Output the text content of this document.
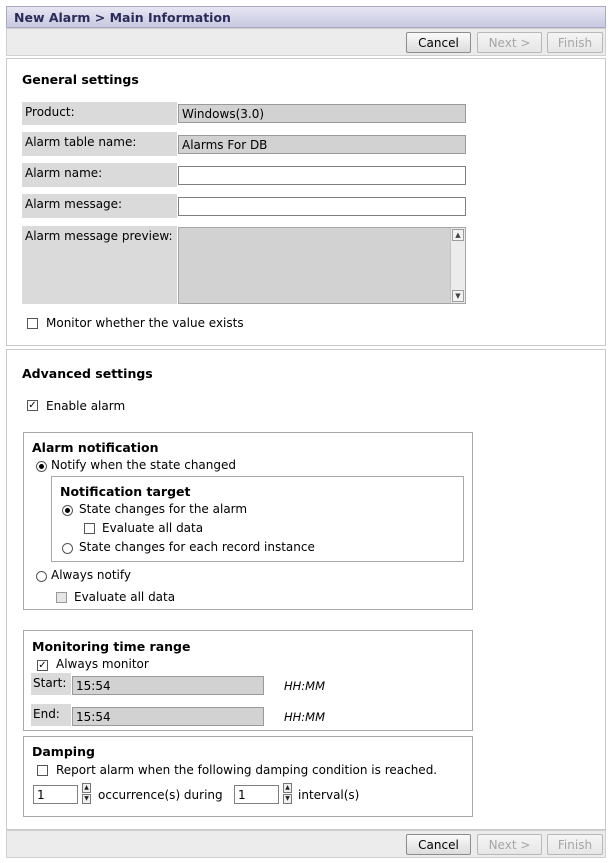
New Alarm > Main Information
Cancel	Next >	Finish
General settings
Product:
Windows(3.0)
Alarm table name:
Alarms For DB
Alarm name:
Alarm message:
Alarm message preview:	▲
▼
Monitor whether the value exists
Advanced settings
✓ Enable alarm
Alarm notification
Notify when the state changed
Notification target
State changes for the alarm
Evaluate all data
State changes for each record instance
Always notify
Evaluate all data
Monitoring time range
✓ Always monitor
Start:
15:54	HH:MM
End:
15:54	HH:MM
Damping
Report alarm when the following damping condition is reached.
1
▲
▼ occurrence(s) during
1
▲
▼ interval(s)
Cancel	Next >	Finish
